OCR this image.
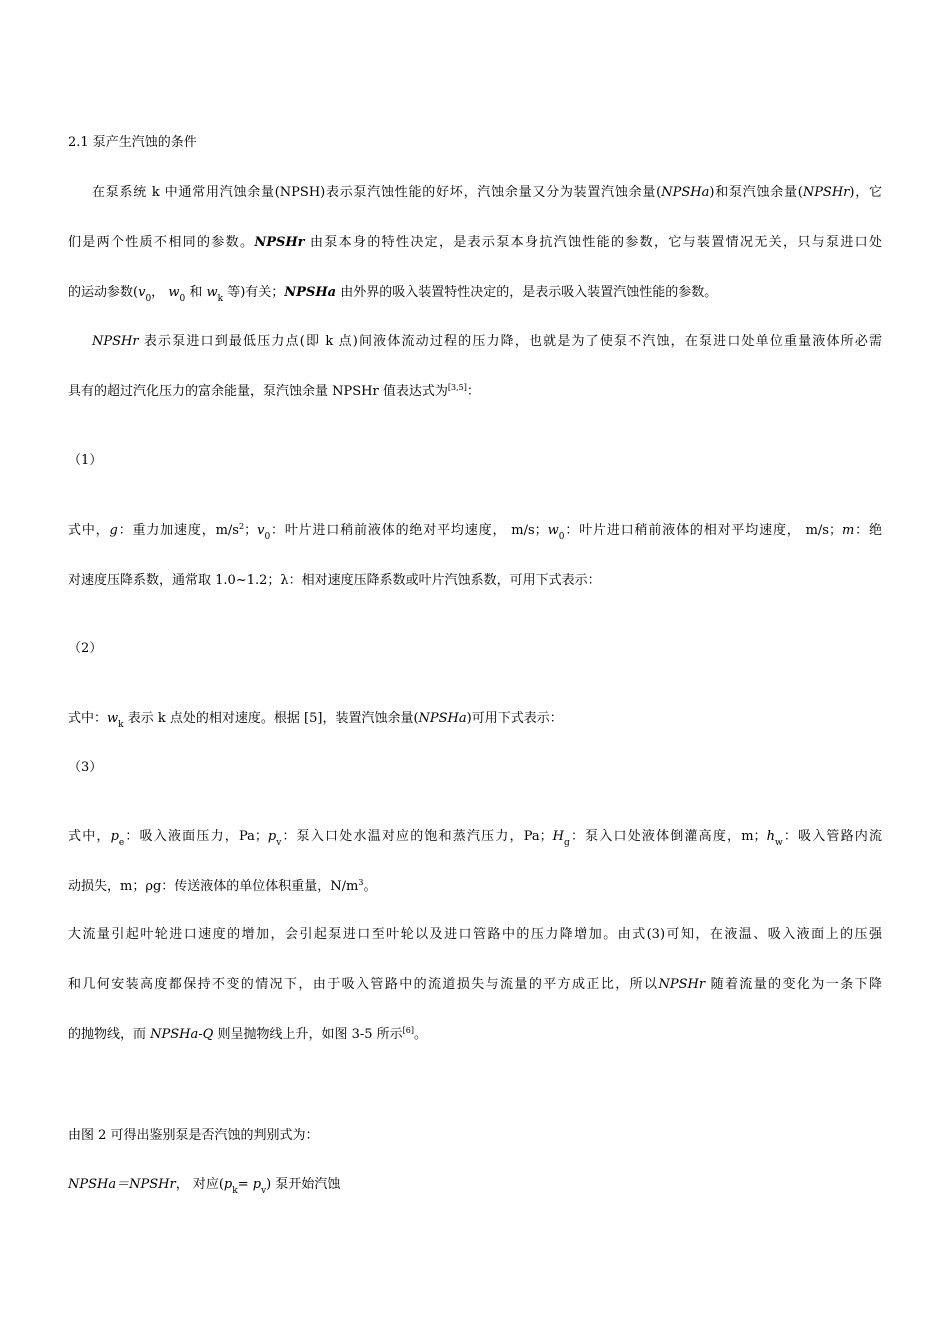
2.1 泵产生汽蚀的条件
在泵系统 k 中通常用汽蚀余量(NPSH)表示泵汽蚀性能的好坏，汽蚀余量又分为装置汽蚀余量(NPSHa)和泵汽蚀余量(NPSHr)，它
们是两个性质不相同的参数。NPSHr 由泵本身的特性决定，是表示泵本身抗汽蚀性能的参数，它与装置情况无关，只与泵进口处
的运动参数($v_0$， $w_0$ 和 $w_k$ 等)有关；NPSHa 由外界的吸入装置特性决定的，是表示吸入装置汽蚀性能的参数。
NPSHr 表示泵进口到最低压力点(即 k 点)间液体流动过程的压力降，也就是为了使泵不汽蚀，在泵进口处单位重量液体所必需
具有的超过汽化压力的富余能量，泵汽蚀余量 NPSHr 值表达式为[3,5]：
（1）
式中，g：重力加速度，$m/s^2$；$v_0$：叶片进口稍前液体的绝对平均速度， m/s；$w_0$：叶片进口稍前液体的相对平均速度， m/s；m：绝
对速度压降系数，通常取 1.0~1.2；λ：相对速度压降系数或叶片汽蚀系数，可用下式表示：
（2）
式中：$w_k$ 表示 k 点处的相对速度。根据 [5]，装置汽蚀余量(NPSHa)可用下式表示：
（3）
式中，$p_e$：吸入液面压力，Pa；$p_v$：泵入口处水温对应的饱和蒸汽压力，Pa；$H_g$：泵入口处液体倒灌高度，m；$h_w$：吸入管路内流
动损失，m；ρg：传送液体的单位体积重量，$N/m^3$。
大流量引起叶轮进口速度的增加，会引起泵进口至叶轮以及进口管路中的压力降增加。由式(3)可知，在液温、吸入液面上的压强
和几何安装高度都保持不变的情况下，由于吸入管路中的流道损失与流量的平方成正比，所以NPSHr 随着流量的变化为一条下降
的抛物线，而 NPSHa-Q 则呈抛物线上升，如图 3-5 所示[6]。
由图 2 可得出鉴别泵是否汽蚀的判别式为：
NPSHa＝NPSHr， 对应$(p_k= p_v)$ 泵开始汽蚀
